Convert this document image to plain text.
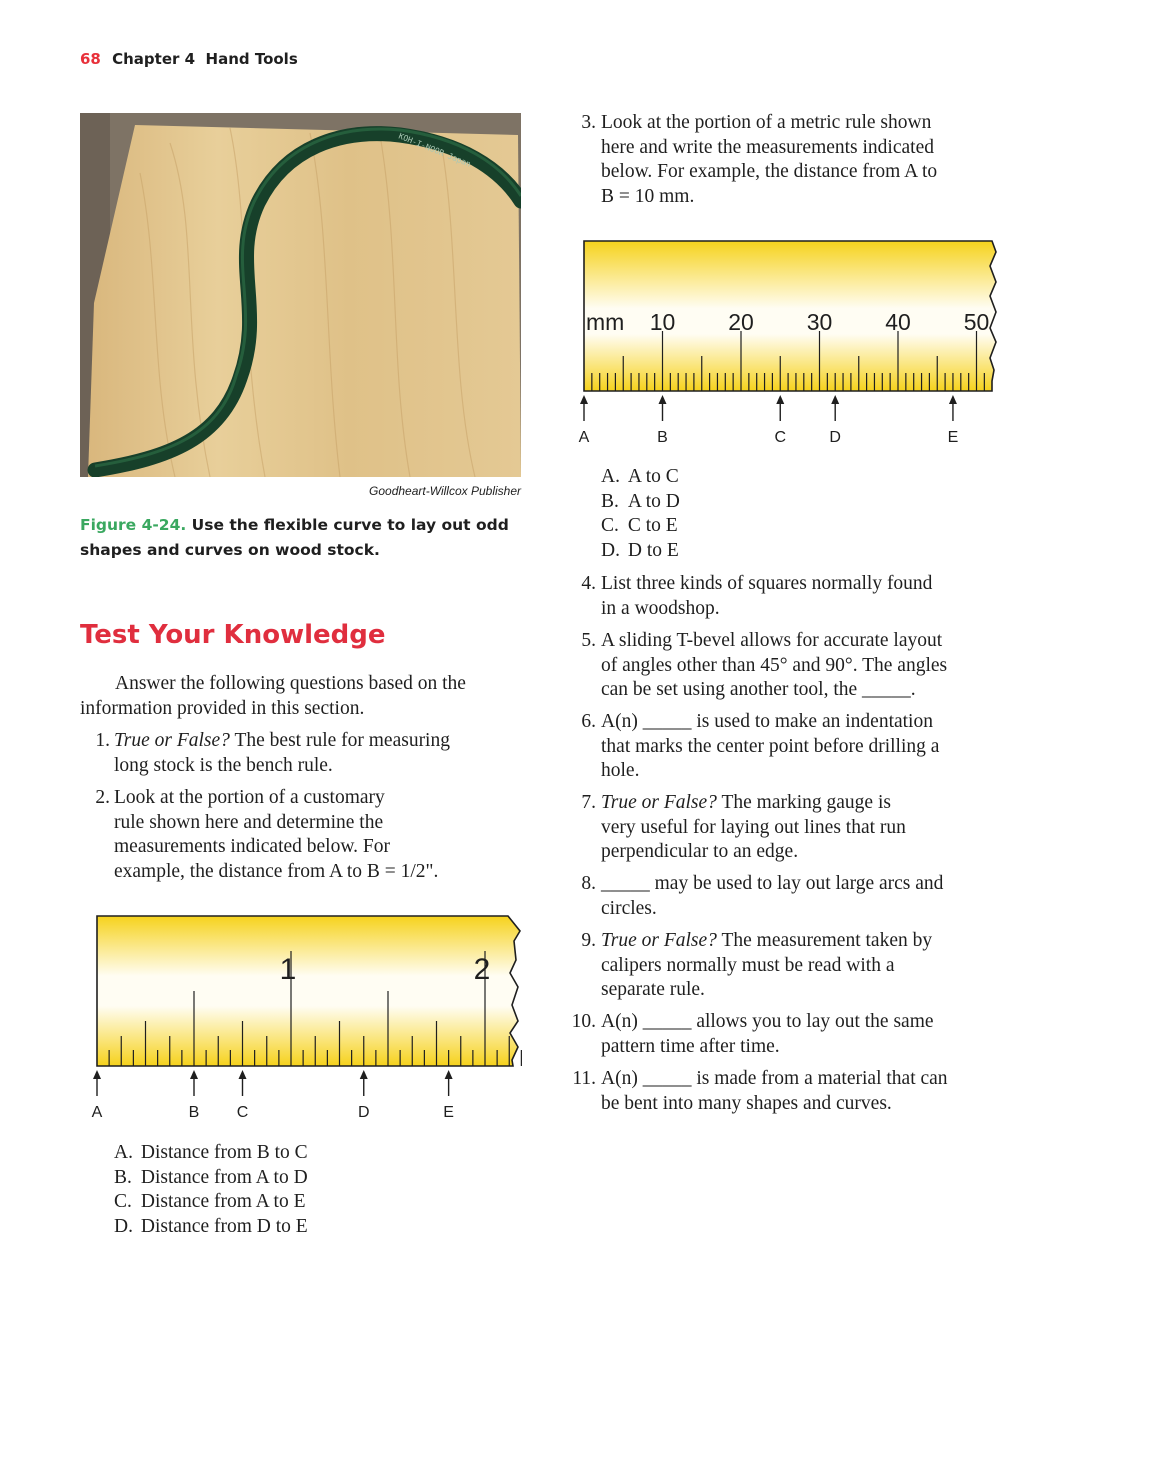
68 Chapter 4 Hand Tools
KOH-I-NOOR Japan
Goodheart-Willcox Publisher
Figure 4-24. Use the flexible curve to lay out odd
shapes and curves on wood stock.
Test Your Knowledge
Answer the following questions based on the
information provided in this section.
1. True or False? The best rule for measuring
long stock is the bench rule.
2. Look at the portion of a customary
rule shown here and determine the
measurements indicated below. For
example, the distance from A to B = 1/2".
1	2
A	B C	D	E
A. Distance from B to C
B. Distance from A to D
C. Distance from A to E
D. Distance from D to E
3. Look at the portion of a metric rule shown
here and write the measurements indicated
below. For example, the distance from A to
B = 10 mm.
mm 10 20 30 40 50
A	B	C	D	E
A. A to C
B. A to D
C. C to E
D. D to E
4. List three kinds of squares normally found
in a woodshop.
5. A sliding T-bevel allows for accurate layout
of angles other than 45° and 90°. The angles
can be set using another tool, the _____.
6. A(n) _____ is used to make an indentation
that marks the center point before drilling a
hole.
7. True or False? The marking gauge is
very useful for laying out lines that run
perpendicular to an edge.
8. _____ may be used to lay out large arcs and
circles.
9. True or False? The measurement taken by
calipers normally must be read with a
separate rule.
10. A(n) _____ allows you to lay out the same
pattern time after time.
11. A(n) _____ is made from a material that can
be bent into many shapes and curves.
